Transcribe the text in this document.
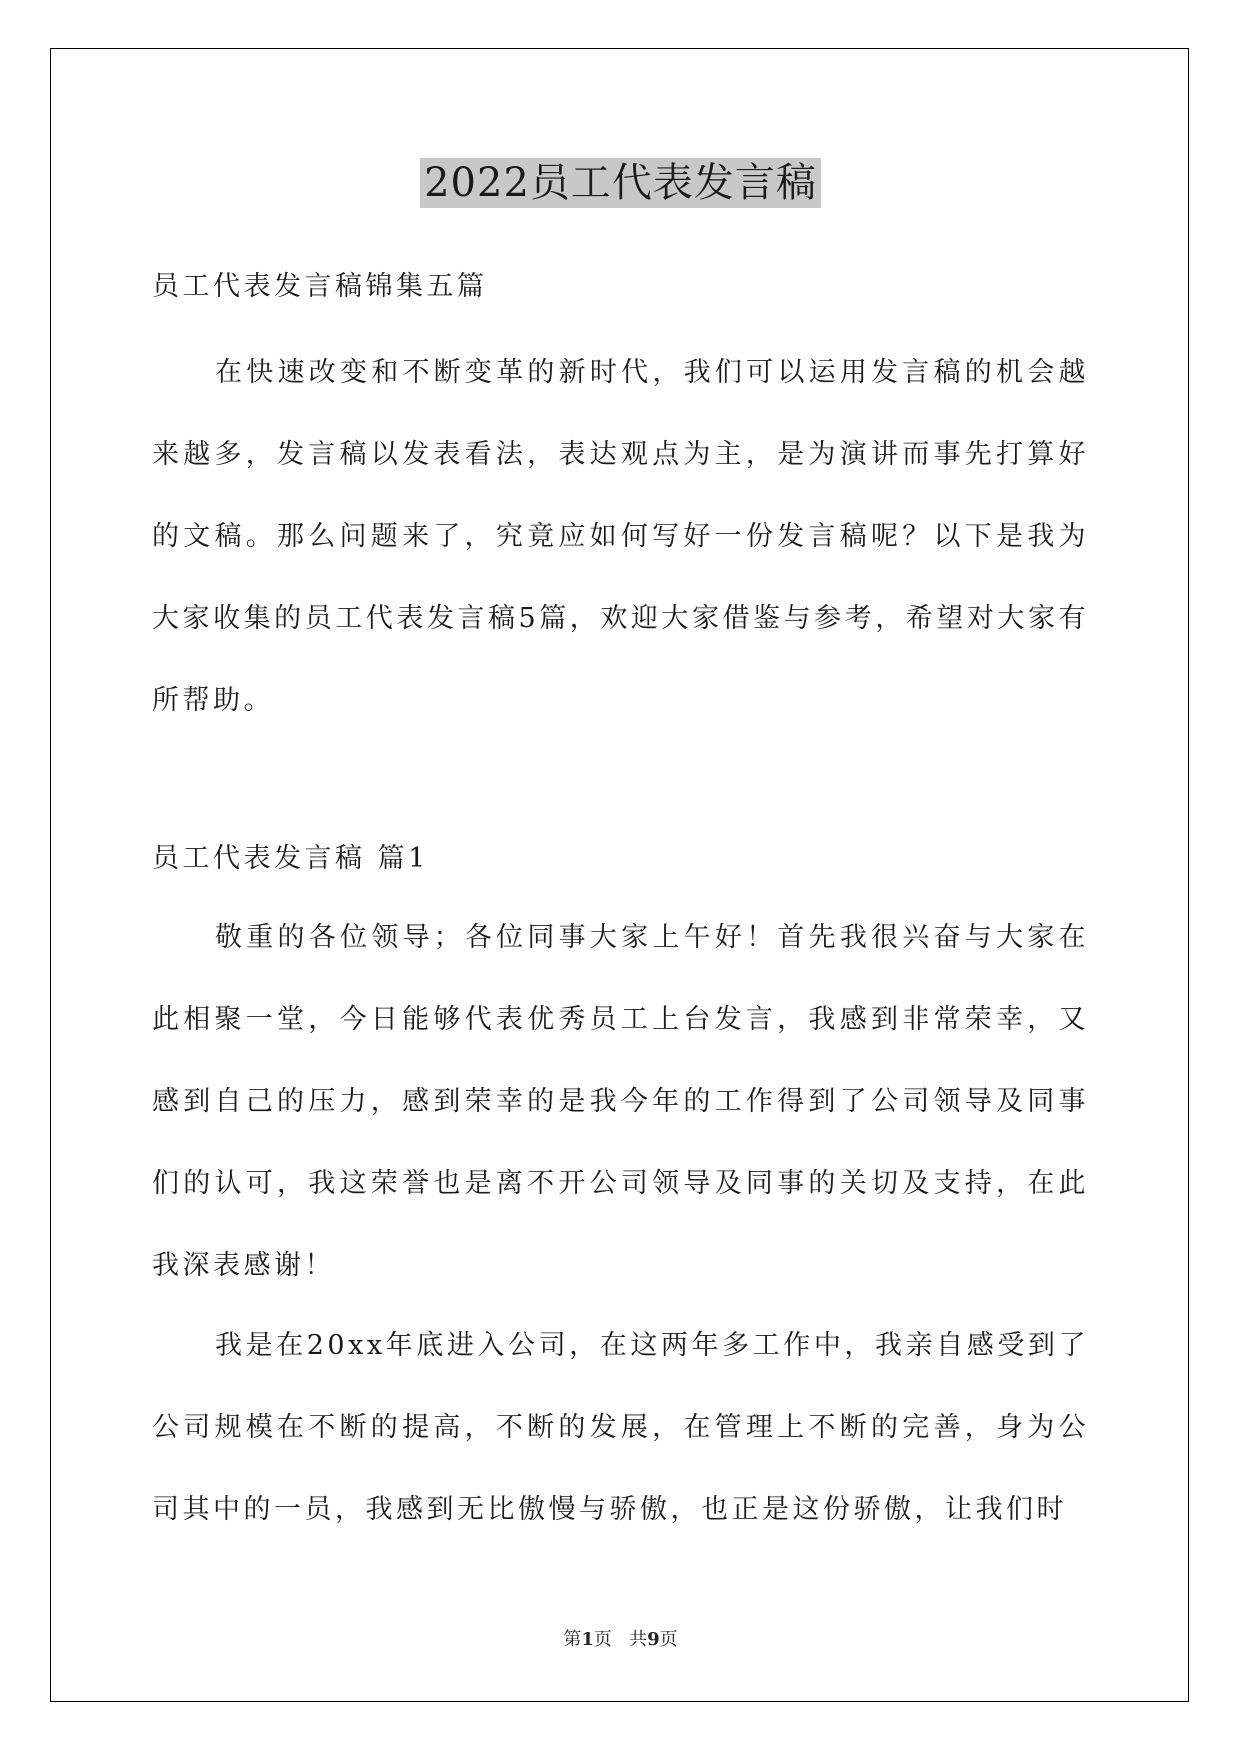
2022员工代表发言稿

员工代表发言稿锦集五篇

在快速改变和不断变革的新时代，我们可以运用发言稿的机会越来越多，发言稿以发表看法，表达观点为主，是为演讲而事先打算好的文稿。那么问题来了，究竟应如何写好一份发言稿呢？以下是我为大家收集的员工代表发言稿5篇，欢迎大家借鉴与参考，希望对大家有所帮助。

员工代表发言稿 篇1

敬重的各位领导；各位同事大家上午好！首先我很兴奋与大家在此相聚一堂，今日能够代表优秀员工上台发言，我感到非常荣幸，又感到自己的压力，感到荣幸的是我今年的工作得到了公司领导及同事们的认可，我这荣誉也是离不开公司领导及同事的关切及支持，在此我深表感谢！

我是在20xx年底进入公司，在这两年多工作中，我亲自感受到了公司规模在不断的提高，不断的发展，在管理上不断的完善，身为公司其中的一员，我感到无比傲慢与骄傲，也正是这份骄傲，让我们时

第1页 共9页
